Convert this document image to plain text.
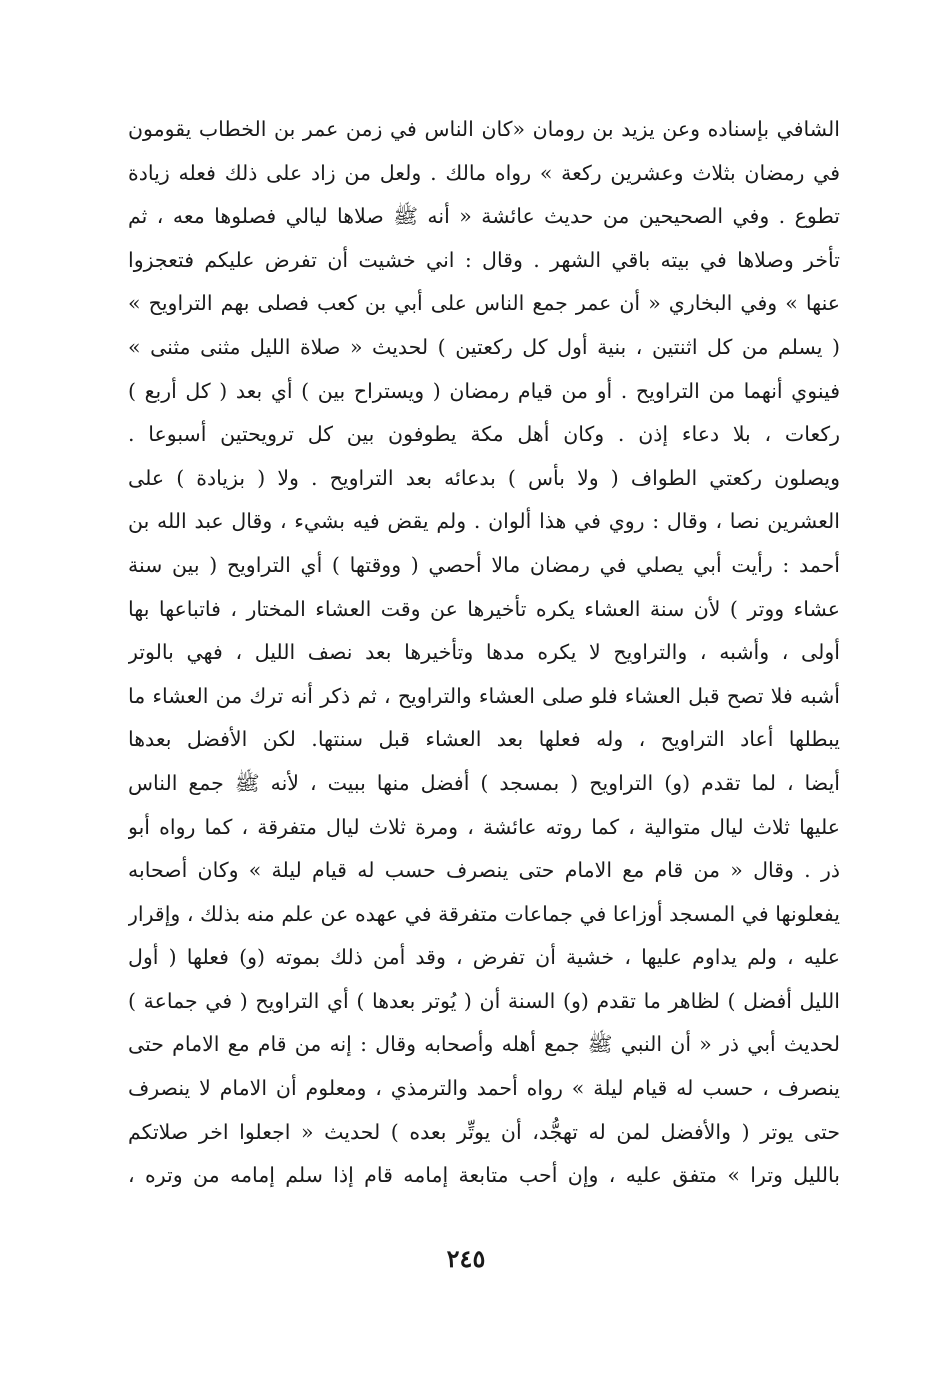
الشافي بإسناده وعن يزيد بن رومان «كان الناس في زمن عمر بن الخطاب يقومون
في رمضان بثلاث وعشرين ركعة » رواه مالك . ولعل من زاد على ذلك فعله زيادة
تطوع . وفي الصحيحين من حديث عائشة « أنه ﷺ صلاها ليالي فصلوها معه ، ثم
تأخر وصلاها في بيته باقي الشهر . وقال : اني خشيت أن تفرض عليكم فتعجزوا
عنها » وفي البخاري « أن عمر جمع الناس على أبي بن كعب فصلى بهم التراويح »
( يسلم من كل اثنتين ، بنية أول كل ركعتين ) لحديث « صلاة الليل مثنى مثنى »
فينوي أنهما من التراويح . أو من قيام رمضان ( ويستراح بين ) أي بعد ( كل أربع )
ركعات ، بلا دعاء إذن . وكان أهل مكة يطوفون بين كل ترويحتين أسبوعا .
ويصلون ركعتي الطواف ( ولا بأس ) بدعائه بعد التراويح . ولا ( بزيادة ) على
العشرين نصا ، وقال : روي في هذا ألوان . ولم يقض فيه بشيء ، وقال عبد الله بن
أحمد : رأيت أبي يصلي في رمضان مالا أحصي ( ووقتها ) أي التراويح ( بين سنة
عشاء ووتر ) لأن سنة العشاء يكره تأخيرها عن وقت العشاء المختار ، فاتباعها بها
أولى ، وأشبه ، والتراويح لا يكره مدها وتأخيرها بعد نصف الليل ، فهي بالوتر
أشبه فلا تصح قبل العشاء فلو صلى العشاء والتراويح ، ثم ذكر أنه ترك من العشاء ما
يبطلها أعاد التراويح ، وله فعلها بعد العشاء قبل سنتها. لكن الأفضل بعدها
أيضا ، لما تقدم (و) التراويح ( بمسجد ) أفضل منها ببيت ، لأنه ﷺ جمع الناس
عليها ثلاث ليال متوالية ، كما روته عائشة ، ومرة ثلاث ليال متفرقة ، كما رواه أبو
ذر . وقال « من قام مع الامام حتى ينصرف حسب له قيام ليلة » وكان أصحابه
يفعلونها في المسجد أوزاعا في جماعات متفرقة في عهده عن علم منه بذلك ، وإقرار
عليه ، ولم يداوم عليها ، خشية أن تفرض ، وقد أمن ذلك بموته (و) فعلها ( أول
الليل أفضل ) لظاهر ما تقدم (و) السنة أن ( يُوتر بعدها ) أي التراويح ( في جماعة )
لحديث أبي ذر « أن النبي ﷺ جمع أهله وأصحابه وقال : إنه من قام مع الامام حتى
ينصرف ، حسب له قيام ليلة » رواه أحمد والترمذي ، ومعلوم أن الامام لا ينصرف
حتى يوتر ( والأفضل لمن له تهجُّد، أن يوتِّر بعده ) لحديث « اجعلوا اخر صلاتكم
بالليل وترا » متفق عليه ، وإن أحب متابعة إمامه قام إذا سلم إمامه من وتره ،
٢٤٥
